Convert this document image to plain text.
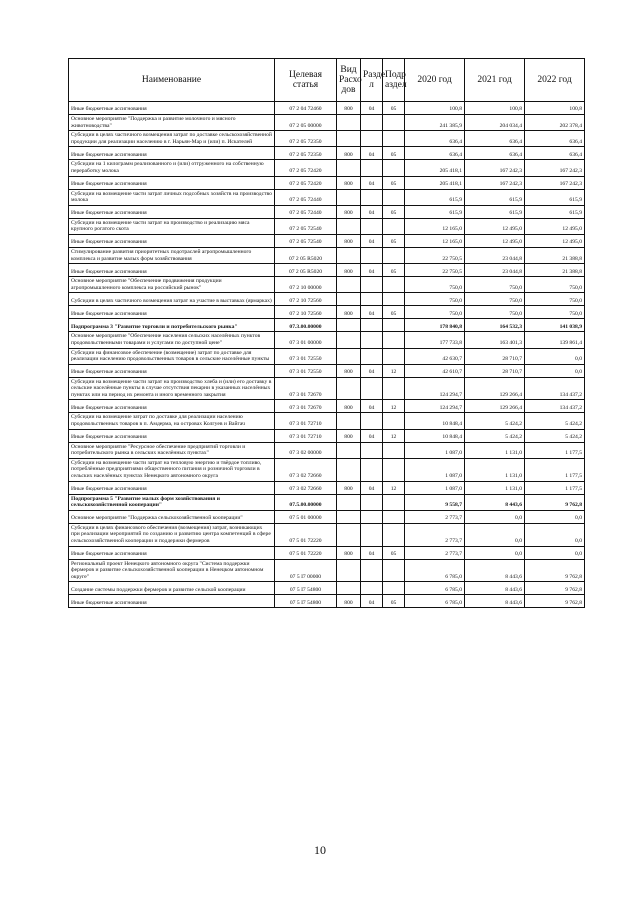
Наименование	Целевая статья	Вид Расхо дов	Разде л	Подр аздел	2020 год	2021 год	2022 год
Иные бюджетные ассигнования	07 2 04 72460	800	04	05	100,8	100,8	100,8
Основное мероприятие "Поддержка и развитие молочного и мясного животноводства"	07 2 05 00000				241 385,9	204 034,4	202 378,4
Субсидии в целях частичного возмещения затрат по доставке сельскохозяйственной продукции для реализации населению в г. Нарьян-Мар и (или) п. Искателей	07 2 05 72350				636,4	636,4	636,4
Иные бюджетные ассигнования	07 2 05 72350	800	04	05	636,4	636,4	636,4
Субсидии на 1 килограмм реализованного и (или) отгруженного на собственную переработку молока	07 2 05 72420				205 418,1	167 242,3	167 242,3
Иные бюджетные ассигнования	07 2 05 72420	800	04	05	205 418,1	167 242,3	167 242,3
Субсидии на возмещение части затрат личных подсобных хозяйств на производство молока	07 2 05 72440				615,9	615,9	615,9
Иные бюджетные ассигнования	07 2 05 72440	800	04	05	615,9	615,9	615,9
Субсидии на возмещение части затрат на производство и реализацию мяса крупного рогатого скота	07 2 05 72540				12 165,0	12 495,0	12 495,0
Иные бюджетные ассигнования	07 2 05 72540	800	04	05	12 165,0	12 495,0	12 495,0
Стимулирование развития приоритетных подотраслей агропромышленного комплекса и развитие малых форм хозяйствования	07 2 05 R5020				22 750,5	23 044,8	21 388,8
Иные бюджетные ассигнования	07 2 05 R5020	800	04	05	22 750,5	23 044,8	21 388,8
Основное мероприятие "Обеспечение продвижения продукции агропромышленного комплекса на российский рынок"	07 2 10 00000				750,0	750,0	750,0
Субсидии в целях частичного возмещения затрат на участие в выставках (ярмарках)	07 2 10 72560				750,0	750,0	750,0
Иные бюджетные ассигнования	07 2 10 72560	800	04	05	750,0	750,0	750,0
Подпрограмма 3 "Развитие торговли и потребительского рынка"	07.3.00.00000				178 840,8	164 532,3	141 038,9
Основное мероприятие "Обеспечение населения сельских населённых пунктов продовольственными товарами и услугами по доступной цене"	07 3 01 00000				177 733,8	163 401,3	139 861,4
Субсидии на финансовое обеспечение (возмещение) затрат по доставке для реализации населению продовольственных товаров в сельские населённые пункты	07 3 01 72550				42 630,7	28 710,7	0,0
Иные бюджетные ассигнования	07 3 01 72550	800	04	12	42 610,7	28 710,7	0,0
Субсидии на возмещение части затрат на производство хлеба и (или) его доставку в сельские населённые пункты в случае отсутствия пекарни в указанных населённых пунктах или на период их ремонта и иного временного закрытия	07 3 01 72670				124 294,7	129 266,4	134 437,2
Иные бюджетные ассигнования	07 3 01 72670	800	04	12	124 294,7	129 266,4	134 437,2
Субсидии на возмещение затрат по доставке для реализации населению продовольственных товаров в п. Амдерма, на островах Колгуев и Вайгач	07 3 01 72710				10 848,4	5 424,2	5 424,2
Иные бюджетные ассигнования	07 3 01 72710	800	04	12	10 848,4	5 424,2	5 424,2
Основное мероприятие "Ресурсное обеспечение предприятий торговли и потребительского рынка в сельских населённых пунктах"	07 3 02 00000				1 087,0	1 131,0	1 177,5
Субсидии на возмещение части затрат на тепловую энергию и твёрдое топливо, потреблённые предприятиями общественного питания и розничной торговли в сельских населённых пунктах Ненецкого автономного округа	07 3 02 72660				1 087,0	1 131,0	1 177,5
Иные бюджетные ассигнования	07 3 02 72660	800	04	12	1 087,0	1 131,0	1 177,5
Подпрограмма 5 "Развитие малых форм хозяйствования и сельскохозяйственной кооперации"	07.5.00.00000				9 558,7	8 443,6	9 762,8
Основное мероприятие "Поддержка сельскохозяйственной кооперации"	07 5 01 00000				2 773,7	0,0	0,0
Субсидии в целях финансового обеспечения (возмещения) затрат, возникающих при реализации мероприятий по созданию и развитию центра компетенций в сфере сельскохозяйственной кооперации и поддержки фермеров	07 5 01 72220				2 773,7	0,0	0,0
Иные бюджетные ассигнования	07 5 01 72220	800	04	05	2 773,7	0,0	0,0
Региональный проект Ненецкого автономного округа "Система поддержки фермеров и развитие сельскохозяйственной кооперации в Ненецком автономном округе"	07 5 I7 00000				6 785,0	8 443,6	9 762,8
Создание системы поддержки фермеров и развитие сельской кооперации	07 5 I7 54800				6 785,0	8 443,6	9 762,8
Иные бюджетные ассигнования	07 5 I7 54800	800	04	05	6 785,0	8 443,6	9 762,8
10
